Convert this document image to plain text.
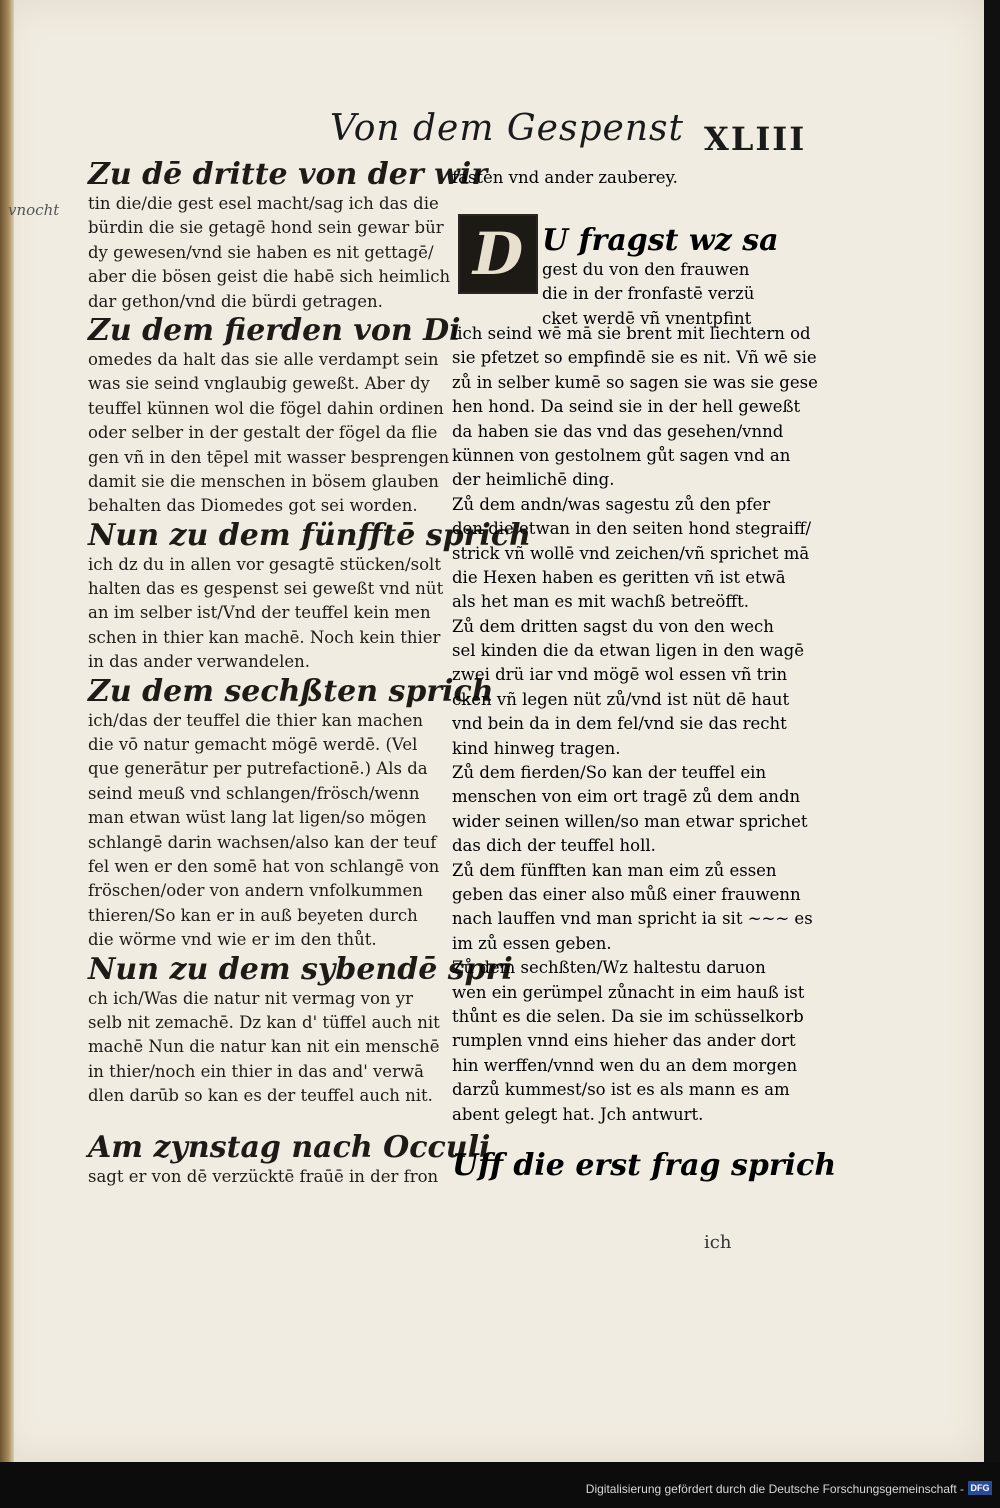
Von dem Gespenst XLIII
vnocht
Zu dē dritte von der wir
tin die/die gest esel macht/sag ich das die
bürdin die sie getagē hond sein gewar bür
dy gewesen/vnd sie haben es nit gettagē/
aber die bösen geist die habē sich heimlich
dar gethon/vnd die bürdi getragen.
Zu dem fierden von Di
omedes da halt das sie alle verdampt sein
was sie seind vnglaubig geweßt. Aber dy
teuffel künnen wol die fögel dahin ordinen
oder selber in der gestalt der fögel da flie
gen vñ in den tēpel mit wasser besprengen
damit sie die menschen in bösem glauben
behalten das Diomedes got sei worden.
Nun zu dem fünfftē sprich
ich dz du in allen vor gesagtē stücken/solt
halten das es gespenst sei geweßt vnd nüt
an im selber ist/Vnd der teuffel kein men
schen in thier kan machē. Noch kein thier
in das ander verwandelen.
Zu dem sechßten sprich
ich/das der teuffel die thier kan machen
die vō natur gemacht mögē werdē. (Vel
que generātur per putrefactionē.) Als da
seind meuß vnd schlangen/frösch/wenn
man etwan wüst lang lat ligen/so mögen
schlangē darin wachsen/also kan der teuf
fel wen er den somē hat von schlangē von
fröschen/oder von andern vnfolkummen
thieren/So kan er in auß beyeten durch
die wörme vnd wie er im den thůt.
Nun zu dem sybendē spri
ch ich/Was die natur nit vermag von yr
selb nit zemachē. Dz kan d' tüffel auch nit
machē Nun die natur kan nit ein menschē
in thier/noch ein thier in das and' verwā
dlen darūb so kan es der teuffel auch nit.
Am zynstag nach Occuli
sagt er von dē verzücktē fraūē in der fron
fasten vnd ander zauberey.
D U fragst wz sa
gest du von den frauwen
die in der fronfastē verzü
cket werdē vñ vnentpfint
lich seind wē mā sie brent mit liechtern od
sie pfetzet so empfindē sie es nit. Vñ wē sie
zů in selber kumē so sagen sie was sie gese
hen hond. Da seind sie in der hell geweßt
da haben sie das vnd das gesehen/vnnd
künnen von gestolnem gůt sagen vnd an
der heimlichē ding.
Zů dem andn/was sagestu zů den pfer
den die etwan in den seiten hond stegraiff/
strick vñ wollē vnd zeichen/vñ sprichet mā
die Hexen haben es geritten vñ ist etwā
als het man es mit wachß betreöfft.
Zů dem dritten sagst du von den wech
sel kinden die da etwan ligen in den wagē
zwei drü iar vnd mögē wol essen vñ trin
cken vñ legen nüt zů/vnd ist nüt dē haut
vnd bein da in dem fel/vnd sie das recht
kind hinweg tragen.
Zů dem fierden/So kan der teuffel ein
menschen von eim ort tragē zů dem andn
wider seinen willen/so man etwar sprichet
das dich der teuffel holl.
Zů dem fünfften kan man eim zů essen
geben das einer also můß einer frauwenn
nach lauffen vnd man spricht ia sit ~~~ es
im zů essen geben.
Zů dem sechßten/Wz haltestu daruon
wen ein gerümpel zůnacht in eim hauß ist
thůnt es die selen. Da sie im schüsselkorb
rumplen vnnd eins hieher das ander dort
hin werffen/vnnd wen du an dem morgen
darzů kummest/so ist es als mann es am
abent gelegt hat. Jch antwurt.
Uff die erst frag sprich
ich
Digitalisierung gefördert durch die Deutsche Forschungsgemeinschaft - DFG
